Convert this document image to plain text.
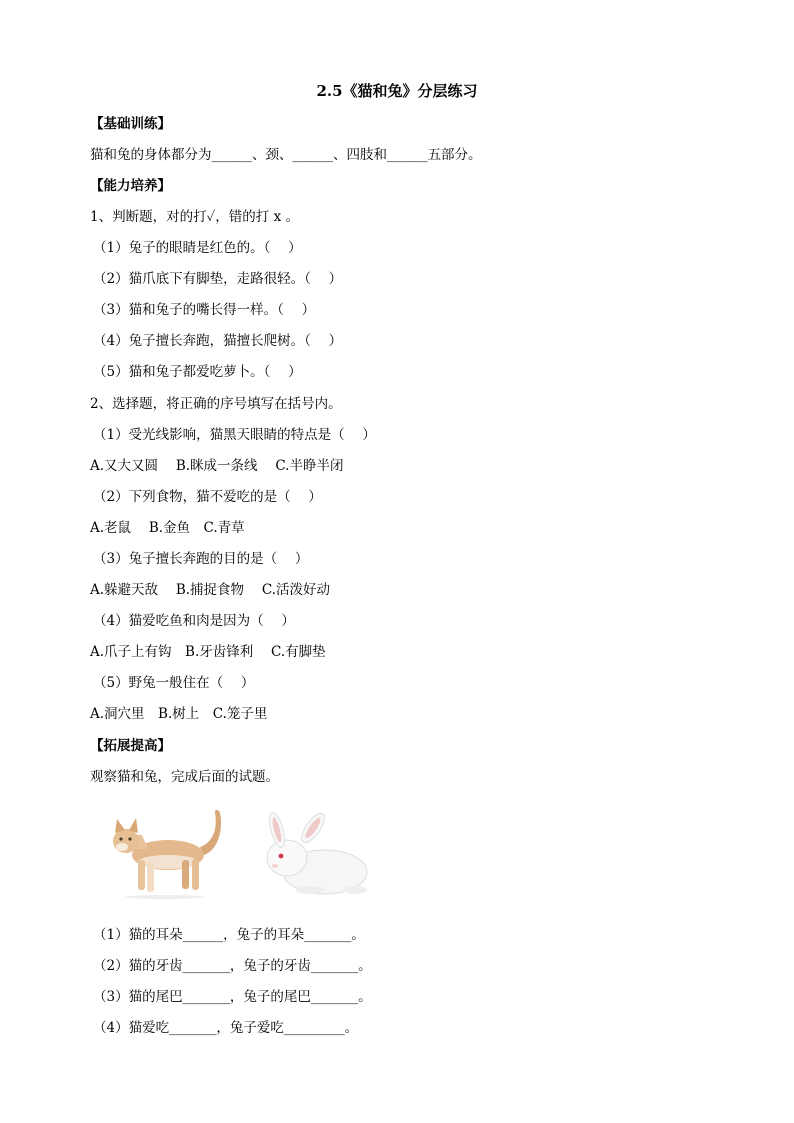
2.5《猫和兔》分层练习
【基础训练】
猫和兔的身体都分为______、颈、______、四肢和______五部分。
【能力培养】
1、判断题，对的打✓，错的打 x 。
（1）兔子的眼睛是红色的。（　 ）
（2）猫爪底下有脚垫，走路很轻。（　 ）
（3）猫和兔子的嘴长得一样。（　 ）
（4）兔子擅长奔跑，猫擅长爬树。（　 ）
（5）猫和兔子都爱吃萝卜。（　 ）
2、选择题，将正确的序号填写在括号内。
（1）受光线影响，猫黑天眼睛的特点是（　 ）
A.又大又圆　 B.眯成一条线　 C.半睁半闭
（2）下列食物，猫不爱吃的是（　 ）
A.老鼠　 B.金鱼　C.青草
（3）兔子擅长奔跑的目的是（　 ）
A.躲避天敌　 B.捕捉食物　 C.活泼好动
（4）猫爱吃鱼和肉是因为（　 ）
A.爪子上有钩　B.牙齿锋利　 C.有脚垫
（5）野兔一般住在（　 ）
A.洞穴里　B.树上　C.笼子里
【拓展提高】
观察猫和兔，完成后面的试题。
（1）猫的耳朵______，兔子的耳朵_______。
（2）猫的牙齿_______，兔子的牙齿_______。
（3）猫的尾巴_______，兔子的尾巴_______。
（4）猫爱吃_______，兔子爱吃_________。
